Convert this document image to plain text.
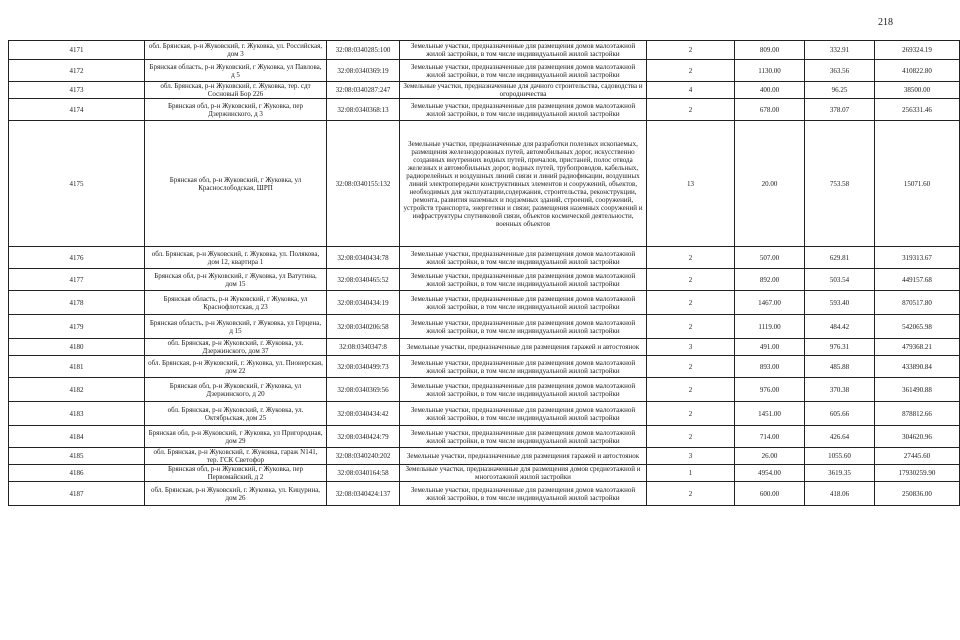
218
4171	обл. Брянская, р-н Жуковский, г. Жуковка, ул. Российская, дом 3	32:08:0340285:100	Земельные участки, предназначенные для размещения домов малоэтажной жилой застройки, в том числе индивидуальной жилой застройки	2	809.00	332.91	269324.19
4172	Брянская область, р-н Жуковский, г Жуковка, ул Павлова, д 5	32:08:0340369:19	Земельные участки, предназначенные для размещения домов малоэтажной жилой застройки, в том числе индивидуальной жилой застройки	2	1130.00	363.56	410822.80
4173	обл. Брянская, р-н Жуковский, г. Жуковка, тер. сдт Сосновый Бор 226	32:08:0340287:247	Земельные участки, предназначенные для дачного строительства, садоводства и огородничества	4	400.00	96.25	38500.00
4174	Брянская обл, р-н Жуковский, г Жуковка, пер Дзержинского, д 3	32:08:0340368:13	Земельные участки, предназначенные для размещения домов малоэтажной жилой застройки, в том числе индивидуальной жилой застройки	2	678.00	378.07	256331.46
4175	Брянская обл, р-н Жуковский, г Жуковка, ул Краснослободская, ШРП	32:08:0340155:132	Земельные участки, предназначенные для разработки полезных ископаемых, размещения железнодорожных путей, автомобильных дорог, искусственно созданных внутренних водных путей, причалов, пристаней, полос отвода железных и автомобильных дорог, водных путей, трубопроводов, кабельных, радиорелейных и воздушных линий связи и линий радиофикации, воздушных линий электропередачи конструктивных элементов и сооружений, объектов, необходимых для эксплуатации,содержания, строительства, реконструкции, ремонта, развития наземных и подземных зданий, строений, сооружений, устройств транспорта, энергетики и связи; размещения наземных сооружений и инфраструктуры спутниковой связи, объектов космической деятельности, военных объектов	13	20.00	753.58	15071.60
4176	обл. Брянская, р-н Жуковский, г. Жуковка, ул. Полякова, дом 12, квартира 1	32:08:0340434:78	Земельные участки, предназначенные для размещения домов малоэтажной жилой застройки, в том числе индивидуальной жилой застройки	2	507.00	629.81	319313.67
4177	Брянская обл, р-н Жуковский, г Жуковка, ул Ватутина, дом 15	32:08:0340465:52	Земельные участки, предназначенные для размещения домов малоэтажной жилой застройки, в том числе индивидуальной жилой застройки	2	892.00	503.54	449157.68
4178	Брянская область, р-н Жуковский, г Жуковка, ул Краснофлотская, д 23	32:08:0340434:19	Земельные участки, предназначенные для размещения домов малоэтажной жилой застройки, в том числе индивидуальной жилой застройки	2	1467.00	593.40	870517.80
4179	Брянская область, р-н Жуковский, г Жуковка, ул Герцена, д 15	32:08:0340206:58	Земельные участки, предназначенные для размещения домов малоэтажной жилой застройки, в том числе индивидуальной жилой застройки	2	1119.00	484.42	542065.98
4180	обл. Брянская, р-н Жуковский, г. Жуковка, ул. Дзержинского, дом 37	32:08:0340347:8	Земельные участки, предназначенные для размещения гаражей и автостоянок	3	491.00	976.31	479368.21
4181	обл. Брянская, р-н Жуковский, г. Жуковка, ул. Пионерская, дом 22	32:08:0340499:73	Земельные участки, предназначенные для размещения домов малоэтажной жилой застройки, в том числе индивидуальной жилой застройки	2	893.00	485.88	433890.84
4182	Брянская обл, р-н Жуковский, г Жуковка, ул Дзержинского, д 20	32:08:0340369:56	Земельные участки, предназначенные для размещения домов малоэтажной жилой застройки, в том числе индивидуальной жилой застройки	2	976.00	370.38	361490.88
4183	обл. Брянская, р-н Жуковский, г. Жуковка, ул. Октябрьская, дом 25	32:08:0340434:42	Земельные участки, предназначенные для размещения домов малоэтажной жилой застройки, в том числе индивидуальной жилой застройки	2	1451.00	605.66	878812.66
4184	Брянская обл, р-н Жуковский, г Жуковка, ул Пригородная, дом 29	32:08:0340424:79	Земельные участки, предназначенные для размещения домов малоэтажной жилой застройки, в том числе индивидуальной жилой застройки	2	714.00	426.64	304620.96
4185	обл. Брянская, р-н Жуковский, г. Жуковка, гараж N141, тер. ГСК Светофор	32:08:0340240:202	Земельные участки, предназначенные для размещения гаражей и автостоянок	3	26.00	1055.60	27445.60
4186	Брянская обл, р-н Жуковский, г Жуковка, пер Первомайский, д 2	32:08:0340164:58	Земельные участки, предназначенные для размещения домов среднеэтажной и многоэтажной жилой застройки	1	4954.00	3619.35	17930259.90
4187	обл. Брянская, р-н Жуковский, г. Жуковка, ул. Кицурина, дом 26	32:08:0340424:137	Земельные участки, предназначенные для размещения домов малоэтажной жилой застройки, в том числе индивидуальной жилой застройки	2	600.00	418.06	250836.00
